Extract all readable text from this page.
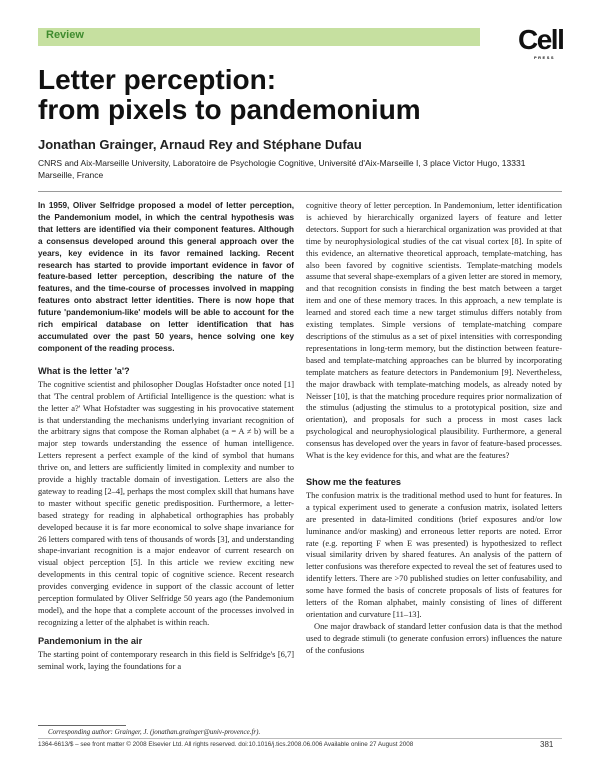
Review	Cell
PRESS
Letter perception:
from pixels to pandemonium
Jonathan Grainger, Arnaud Rey and Stéphane Dufau
CNRS and Aix-Marseille University, Laboratoire de Psychologie Cognitive, Université d'Aix-Marseille I, 3 place Victor Hugo, 13331 Marseille, France

In 1959, Oliver Selfridge proposed a model of letter perception, the Pandemonium model, in which the central hypothesis was that letters are identified via their component features. Although a consensus developed around this general approach over the years, key evidence in its favor remained lacking. Recent research has started to provide important evidence in favor of feature-based letter perception, describing the nature of the features, and the time-course of processes involved in mapping features onto abstract letter identities. There is now hope that future 'pandemonium-like' models will be able to account for the rich empirical database on letter identification that has accumulated over the past 50 years, hence solving one key component of the reading process.

What is the letter 'a'?

The cognitive scientist and philosopher Douglas Hofstadter once noted [1] that 'The central problem of Artificial Intelligence is the question: what is the letter a?' What Hofstadter was suggesting in his provocative statement is that understanding the mechanisms underlying invariant recognition of the arbitrary signs that compose the Roman alphabet (a = A ≠ b) will be a major step towards understanding the essence of human intelligence. Letters represent a perfect example of the kind of symbol that humans thrive on, and letters are sufficiently limited in complexity and number to provide a highly tractable domain of investigation. Letters are also the gateway to reading [2–4], perhaps the most complex skill that humans have to master without specific genetic predisposition. Furthermore, a letter-based strategy for reading in alphabetical orthographies has probably developed because it is far more economical to solve shape invariance for 26 letters compared with tens of thousands of words [3], and understanding shape-invariant recognition is a major endeavor of current research on visual object perception [5]. In this article we review exciting new developments in this central topic of cognitive science. Recent research provides converging evidence in support of the classic account of letter perception formulated by Oliver Selfridge 50 years ago (the Pandemonium model), and the hope that a complete account of the processes involved in recognizing a letter of the alphabet is within reach.

Pandemonium in the air

The starting point of contemporary research in this field is Selfridge's [6,7] seminal work, laying the foundations for a

cognitive theory of letter perception. In Pandemonium, letter identification is achieved by hierarchically organized layers of feature and letter detectors. Support for such a hierarchical organization was provided at that time by neurophysiological studies of the cat visual cortex [8]. In spite of this evidence, an alternative theoretical approach, template-matching, has also been favored by cognitive scientists. Template-matching models assume that several shape-exemplars of a given letter are stored in memory, and that recognition consists in finding the best match between a target item and one of these memory traces. In this approach, a new template is learned and stored each time a new target stimulus differs notably from existing templates. Simple versions of template-matching compare descriptions of the stimulus as a set of pixel intensities with corresponding representations in long-term memory, but the distinction between feature-based and template-matching approaches can be blurred by incorporating template matchers as feature detectors in Pandemonium [9]. Nevertheless, the major drawback with template-matching models, as already noted by Neisser [10], is that the matching procedure requires prior normalization of the stimulus (adjusting the stimulus to a prototypical position, size and orientation), and proposals for such a process in most cases lack psychological and neurophysiological plausibility. Furthermore, a general consensus has developed over the years in favor of feature-based processes. What is the key evidence for this, and what are the features?

Show me the features

The confusion matrix is the traditional method used to hunt for features. In a typical experiment used to generate a confusion matrix, isolated letters are presented in data-limited conditions (brief exposures and/or low luminance and/or masking) and erroneous letter reports are noted. Error rate (e.g. reporting F when E was presented) is hypothesized to reflect visual similarity driven by shared features. An analysis of the pattern of letter confusions was therefore expected to reveal the set of features used to identify letters. There are >70 published studies on letter confusability, and some have formed the basis of concrete proposals of lists of features for letters of the Roman alphabet, mainly consisting of lines of different orientation and curvature [11–13].

One major drawback of standard letter confusion data is that the method used to degrade stimuli (to generate confusion errors) influences the nature of the confusions

Corresponding author: Grainger, J. (jonathan.grainger@univ-provence.fr).
1364-6613/$ – see front matter © 2008 Elsevier Ltd. All rights reserved. doi:10.1016/j.tics.2008.06.006 Available online 27 August 2008	381
